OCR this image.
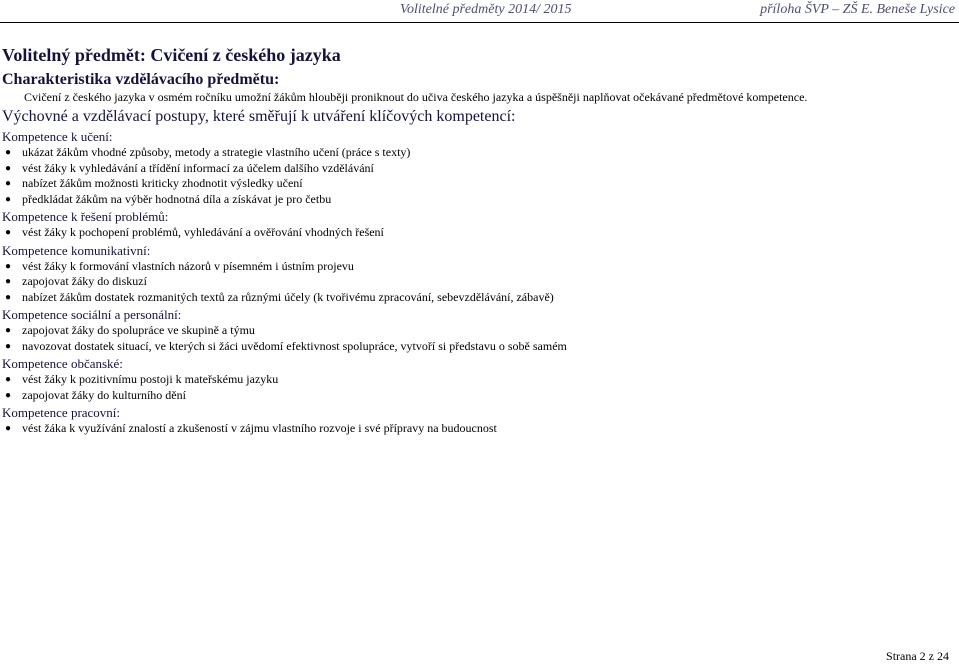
Volitelné předměty 2014/ 2015	příloha ŠVP – ZŠ E. Beneše Lysice
Volitelný předmět: Cvičení z českého jazyka
Charakteristika vzdělávacího předmětu:
Cvičení z českého jazyka v osmém ročníku umožní žákům hlouběji proniknout do učiva českého jazyka a úspěšněji naplňovat očekávané předmětové kompetence.
Výchovné a vzdělávací postupy, které směřují k utváření klíčových kompetencí:
Kompetence k učení:
● ukázat žákům vhodné způsoby, metody a strategie vlastního učení (práce s texty)
● vést žáky k vyhledávání a třídění informací za účelem dalšího vzdělávání
● nabízet žákům možnosti kriticky zhodnotit výsledky učení
● předkládat žákům na výběr hodnotná díla a získávat je pro četbu
Kompetence k řešení problémů:
● vést žáky k pochopení problémů, vyhledávání a ověřování vhodných řešení
Kompetence komunikativní:
● vést žáky k formování vlastních názorů v písemném i ústním projevu
● zapojovat žáky do diskuzí
● nabízet žákům dostatek rozmanitých textů za různými účely (k tvořivému zpracování, sebevzdělávání, zábavě)
Kompetence sociální a personální:
● zapojovat žáky do spolupráce ve skupině a týmu
● navozovat dostatek situací, ve kterých si žáci uvědomí efektivnost spolupráce, vytvoří si představu o sobě samém
Kompetence občanské:
● vést žáky k pozitivnímu postoji k mateřskému jazyku
● zapojovat žáky do kulturního dění
Kompetence pracovní:
● vést žáka k využívání znalostí a zkušeností v zájmu vlastního rozvoje i své přípravy na budoucnost
Strana 2 z 24
